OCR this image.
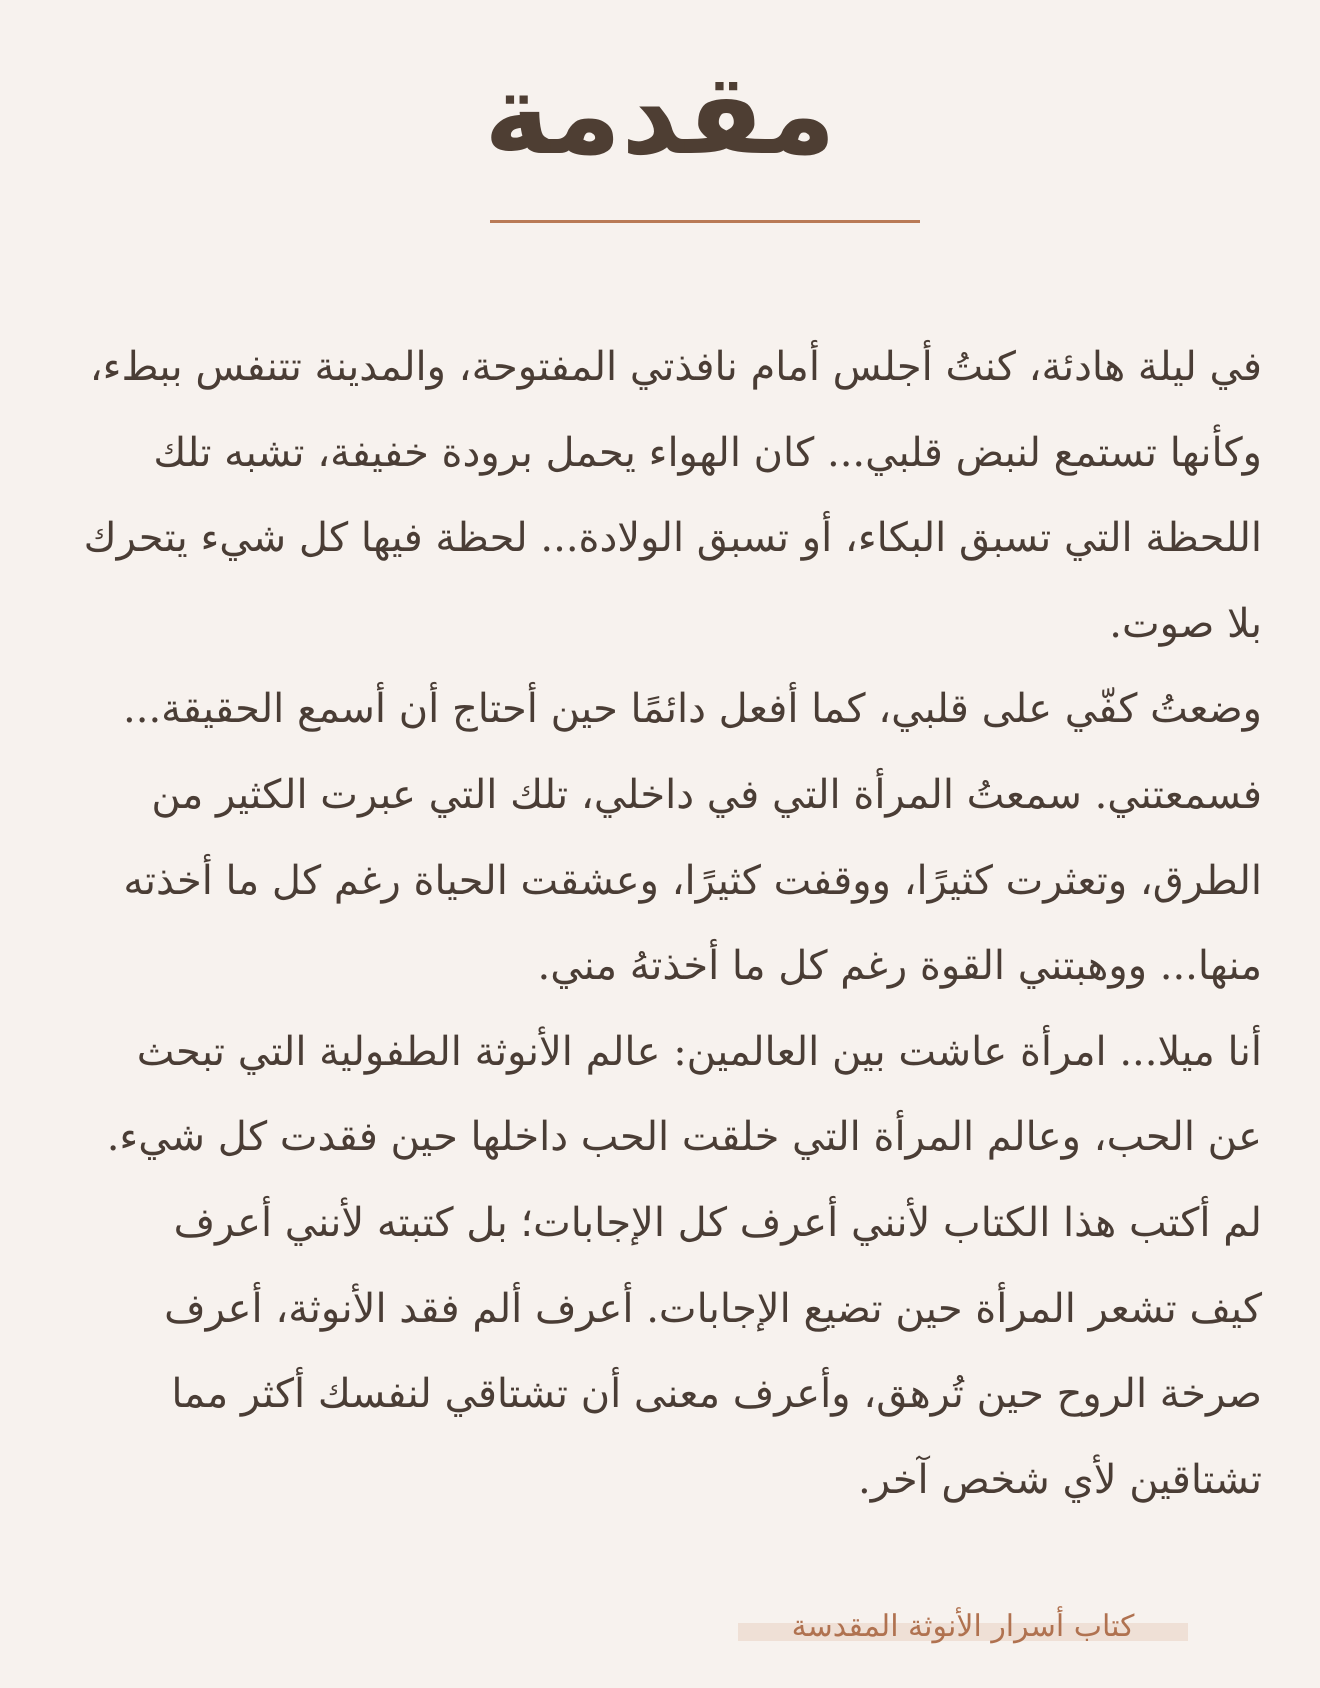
مقدمة
في ليلة هادئة، كنتُ أجلس أمام نافذتي المفتوحة، والمدينة تتنفس ببطء،
وكأنها تستمع لنبض قلبي... كان الهواء يحمل برودة خفيفة، تشبه تلك
اللحظة التي تسبق البكاء، أو تسبق الولادة... لحظة فيها كل شيء يتحرك
بلا صوت.
وضعتُ كفّي على قلبي، كما أفعل دائمًا حين أحتاج أن أسمع الحقيقة...
فسمعتني. سمعتُ المرأة التي في داخلي، تلك التي عبرت الكثير من
الطرق، وتعثرت كثيرًا، ووقفت كثيرًا، وعشقت الحياة رغم كل ما أخذته
منها... ووهبتني القوة رغم كل ما أخذتهُ مني.
أنا ميلا... امرأة عاشت بين العالمين: عالم الأنوثة الطفولية التي تبحث
عن الحب، وعالم المرأة التي خلقت الحب داخلها حين فقدت كل شيء.
لم أكتب هذا الكتاب لأنني أعرف كل الإجابات؛ بل كتبته لأنني أعرف
كيف تشعر المرأة حين تضيع الإجابات. أعرف ألم فقد الأنوثة، أعرف
صرخة الروح حين تُرهق، وأعرف معنى أن تشتاقي لنفسك أكثر مما
تشتاقين لأي شخص آخر.
كتاب أسرار الأنوثة المقدسة
